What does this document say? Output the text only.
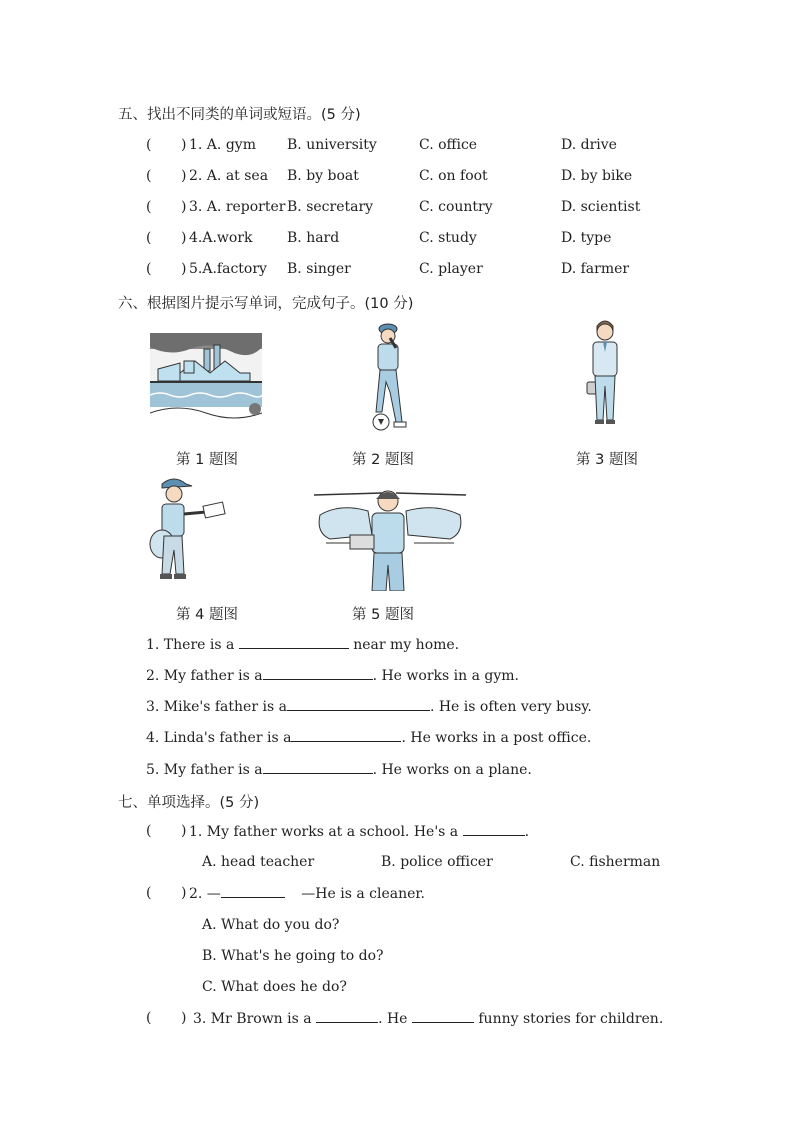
五、找出不同类的单词或短语。(5 分)
( ) 1. A. gym B. university	C. office	D. drive
( ) 2. A. at sea B. by boat	C. on foot	D. by bike
( ) 3. A. reporter B. secretary	C. country	D. scientist
( ) 4.A.work B. hard	C. study	D. type
( ) 5.A.factory B. singer	C. player	D. farmer
六、根据图片提示写单词，完成句子。(10 分)
第 1 题图	第 2 题图	第 3 题图
第 4 题图	第 5 题图
1. There is a	near my home.
2. My father is a	. He works in a gym.
3. Mike's father is a	. He is often very busy.
4. Linda's father is a	. He works in a post office.
5. My father is a	. He works on a plane.
七、单项选择。(5 分)
( ) 1. My father works at a school. He's a	.
A. head teacher	B. police officer	C. fisherman
( ) 2. —	—He is a cleaner.
A. What do you do?
B. What's he going to do?
C. What does he do?
( ) 3. Mr Brown is a	. He	funny stories for children.
